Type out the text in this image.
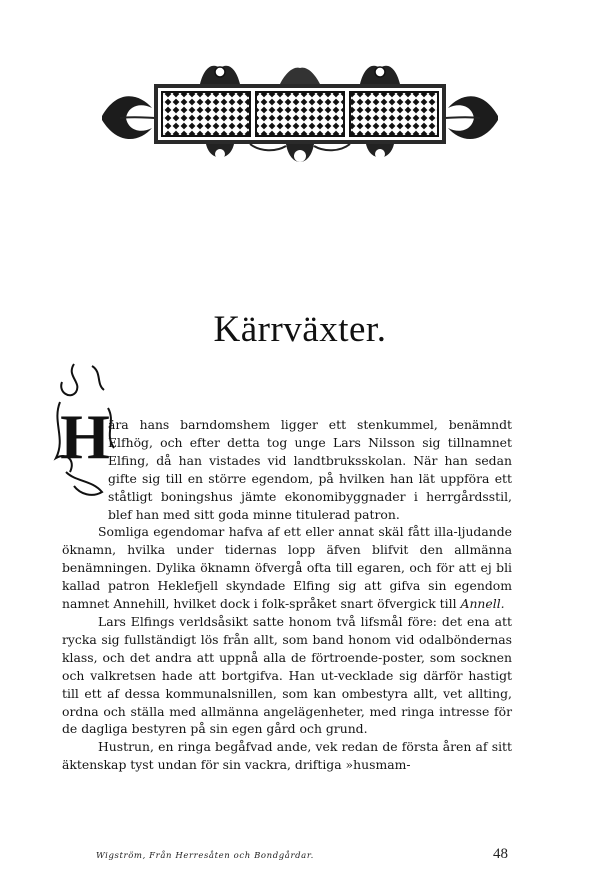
Kärrväxter.
H

ära hans barndomshem ligger ett stenkummel, benämndt Elfhög, och efter detta tog unge Lars Nilsson sig tillnamnet Elfing, då han vistades vid landtbruksskolan. När han sedan gifte sig till en större egendom, på hvilken han lät uppföra ett ståtligt boningshus jämte ekonomibyggnader i herrgårdsstil, blef han med sitt goda minne titulerad patron.

Somliga egendomar hafva af ett eller annat skäl fått illa-ljudande öknamn, hvilka under tidernas lopp äfven blifvit den allmänna benämningen. Dylika öknamn öfvergå ofta till egaren, och för att ej bli kallad patron Heklefjell skyndade Elfing sig att gifva sin egendom namnet Annehill, hvilket dock i folk-språket snart öfvergick till Annell.

Lars Elfings verldsåsikt satte honom två lifsmål före: det ena att rycka sig fullständigt lös från allt, som band honom vid odalböndernas klass, och det andra att uppnå alla de förtroende-poster, som socknen och valkretsen hade att bortgifva. Han ut-vecklade sig därför hastigt till ett af dessa kommunalsnillen, som kan ombestyra allt, vet allting, ordna och ställa med allmänna angelägenheter, med ringa intresse för de dagliga bestyren på sin egen gård och grund.

Hustrun, en ringa begåfvad ande, vek redan de första åren af sitt äktenskap tyst undan för sin vackra, driftiga »husmam-

Wigström, Från Herresåten och Bondgårdar.	48
